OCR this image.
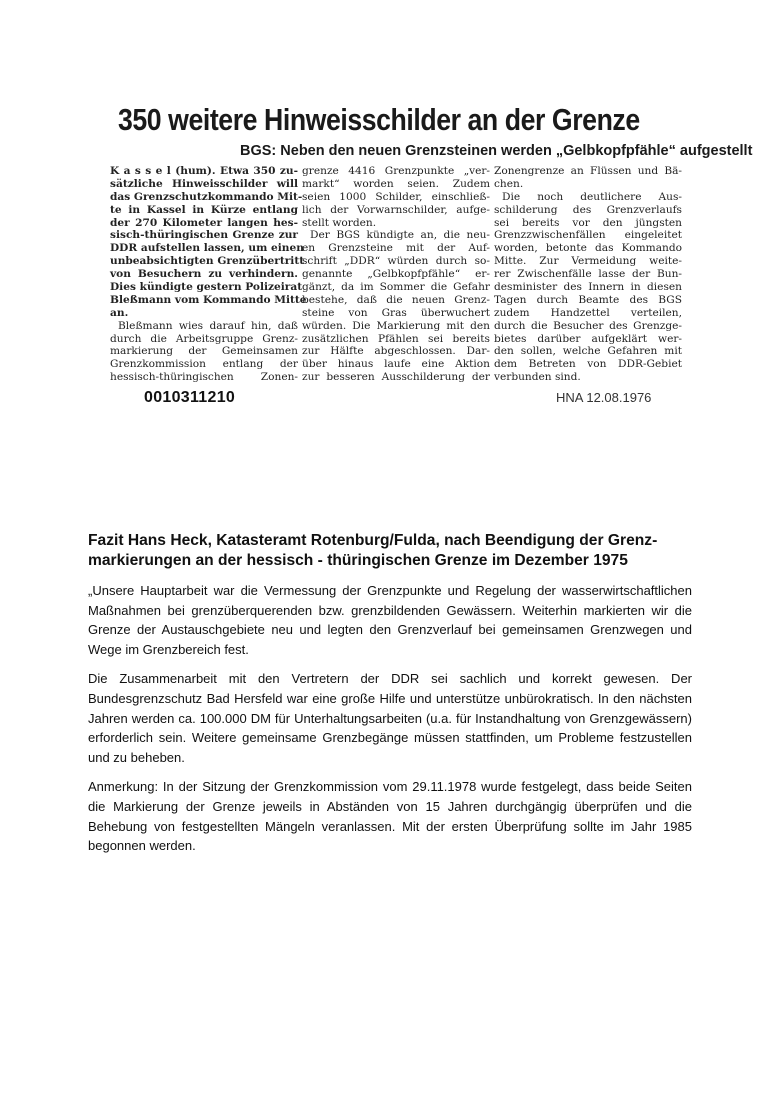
350 weitere Hinweisschilder an der Grenze
BGS: Neben den neuen Grenzsteinen werden „Gelbkopfpfähle“ aufgestellt
K a s s e l (hum). Etwa 350 zu-
sätzliche Hinweisschilder will
das Grenzschutzkommando Mit-
te in Kassel in Kürze entlang
der 270 Kilometer langen hes-
sisch-thüringischen Grenze zur
DDR aufstellen lassen, um einen
unbeabsichtigten Grenzübertritt
von Besuchern zu verhindern.
Dies kündigte gestern Polizeirat
Bleßmann vom Kommando Mitte
an.
Bleßmann wies darauf hin, daß
durch die Arbeitsgruppe Grenz-
markierung der Gemeinsamen
Grenzkommission entlang der
hessisch-thüringischen Zonen-
grenze 4416 Grenzpunkte „ver-
markt“ worden seien. Zudem
seien 1000 Schilder, einschließ-
lich der Vorwarnschilder, aufge-
stellt worden.
Der BGS kündigte an, die neu-
en Grenzsteine mit der Auf-
schrift „DDR“ würden durch so-
genannte „Gelbkopfpfähle“ er-
gänzt, da im Sommer die Gefahr
bestehe, daß die neuen Grenz-
steine von Gras überwuchert
würden. Die Markierung mit den
zusätzlichen Pfählen sei bereits
zur Hälfte abgeschlossen. Dar-
über hinaus laufe eine Aktion
zur besseren Ausschilderung der
Zonengrenze an Flüssen und Bä-
chen.
Die noch deutlichere Aus-
schilderung des Grenzverlaufs
sei bereits vor den jüngsten
Grenzzwischenfällen eingeleitet
worden, betonte das Kommando
Mitte. Zur Vermeidung weite-
rer Zwischenfälle lasse der Bun-
desminister des Innern in diesen
Tagen durch Beamte des BGS
zudem Handzettel verteilen,
durch die Besucher des Grenzge-
bietes darüber aufgeklärt wer-
den sollen, welche Gefahren mit
dem Betreten von DDR-Gebiet
verbunden sind.
0010311210	HNA 12.08.1976
Fazit Hans Heck, Katasteramt Rotenburg/Fulda, nach Beendigung der Grenz-markierungen an der hessisch - thüringischen Grenze im Dezember 1975
„Unsere Hauptarbeit war die Vermessung der Grenzpunkte und Regelung der wasserwirtschaftlichen Maßnahmen bei grenzüberquerenden bzw. grenzbildenden Gewässern. Weiterhin markierten wir die Grenze der Austauschgebiete neu und legten den Grenzverlauf bei gemeinsamen Grenzwegen und Wege im Grenzbereich fest.
Die Zusammenarbeit mit den Vertretern der DDR sei sachlich und korrekt gewesen. Der Bundesgrenzschutz Bad Hersfeld war eine große Hilfe und unterstütze unbürokratisch. In den nächsten Jahren werden ca. 100.000 DM für Unterhaltungsarbeiten (u.a. für Instandhaltung von Grenzgewässern) erforderlich sein. Weitere gemeinsame Grenzbegänge müssen stattfinden, um Probleme festzustellen und zu beheben.
Anmerkung: In der Sitzung der Grenzkommission vom 29.11.1978 wurde festgelegt, dass beide Seiten die Markierung der Grenze jeweils in Abständen von 15 Jahren durchgängig überprüfen und die Behebung von festgestellten Mängeln veranlassen. Mit der ersten Überprüfung sollte im Jahr 1985 begonnen werden.
